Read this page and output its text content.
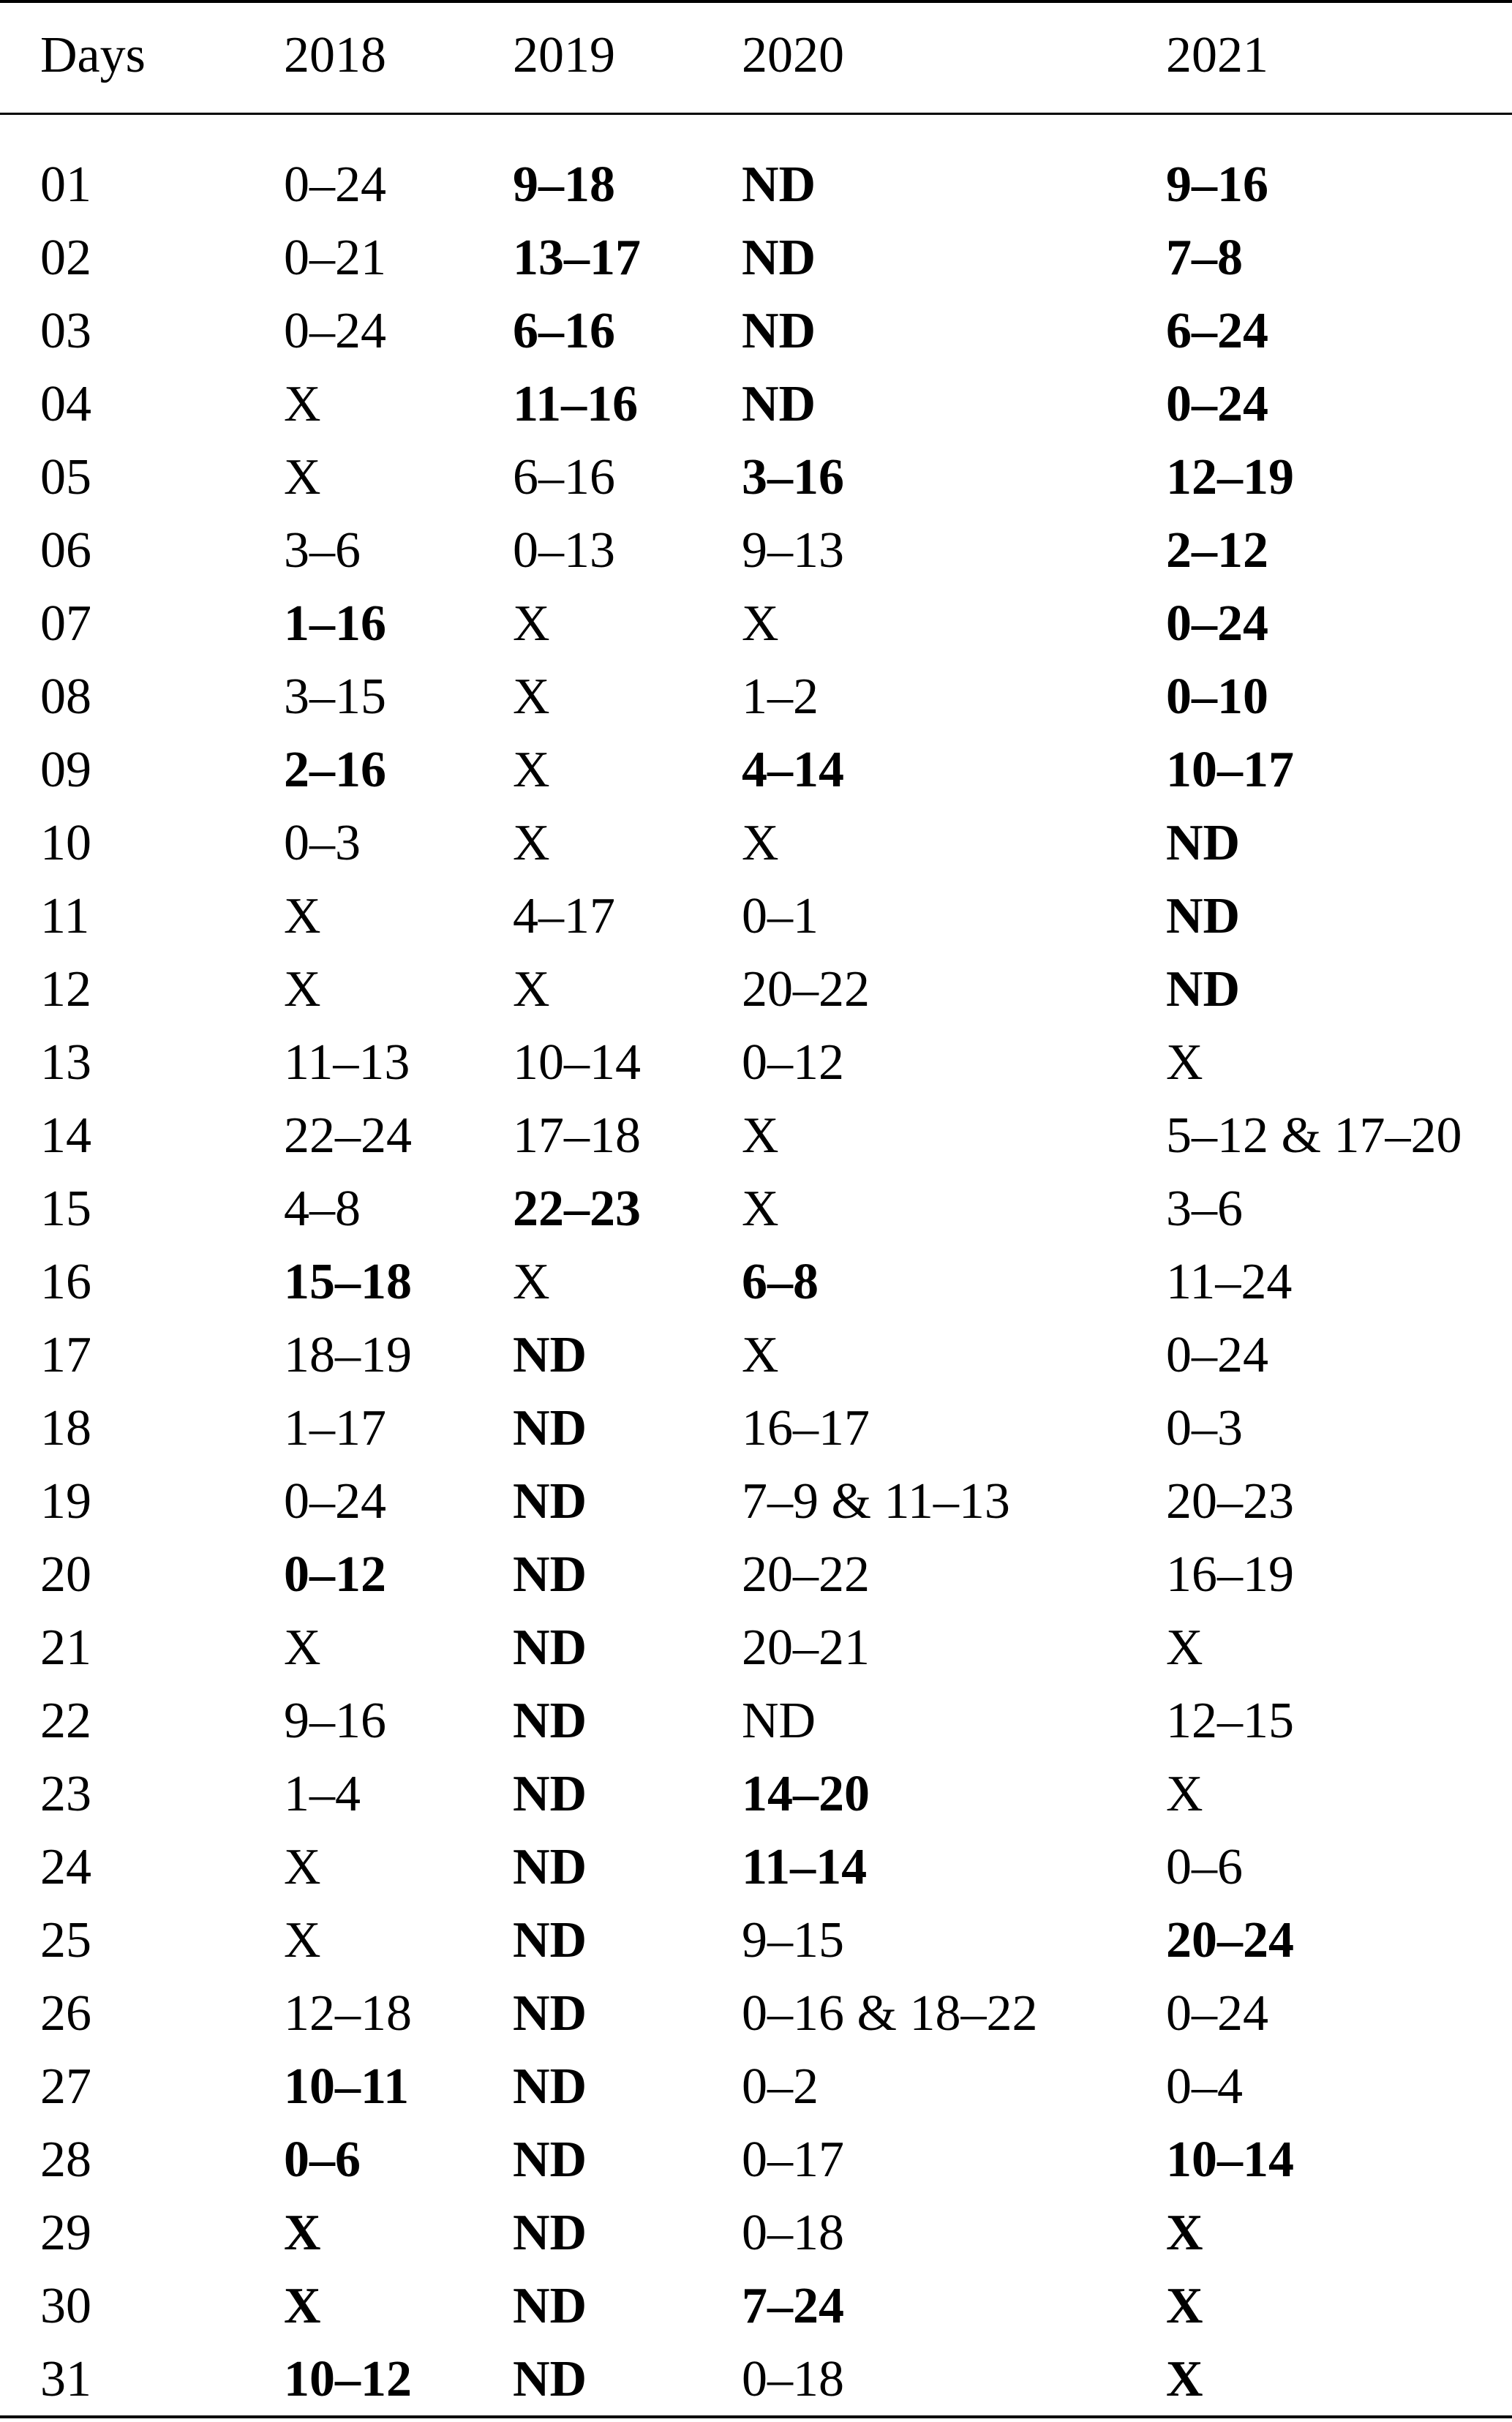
Days	2018	2019	2020	2021
01	0–24	9–18	ND	9–16
02	0–21	13–17	ND	7–8
03	0–24	6–16	ND	6–24
04	X	11–16	ND	0–24
05	X	6–16	3–16	12–19
06	3–6	0–13	9–13	2–12
07	1–16	X	X	0–24
08	3–15	X	1–2	0–10
09	2–16	X	4–14	10–17
10	0–3	X	X	ND
11	X	4–17	0–1	ND
12	X	X	20–22	ND
13	11–13	10–14	0–12	X
14	22–24	17–18	X	5–12 & 17–20
15	4–8	22–23	X	3–6
16	15–18	X	6–8	11–24
17	18–19	ND	X	0–24
18	1–17	ND	16–17	0–3
19	0–24	ND	7–9 & 11–13	20–23
20	0–12	ND	20–22	16–19
21	X	ND	20–21	X
22	9–16	ND	ND	12–15
23	1–4	ND	14–20	X
24	X	ND	11–14	0–6
25	X	ND	9–15	20–24
26	12–18	ND	0–16 & 18–22	0–24
27	10–11	ND	0–2	0–4
28	0–6	ND	0–17	10–14
29	X	ND	0–18	X
30	X	ND	7–24	X
31	10–12	ND	0–18	X
